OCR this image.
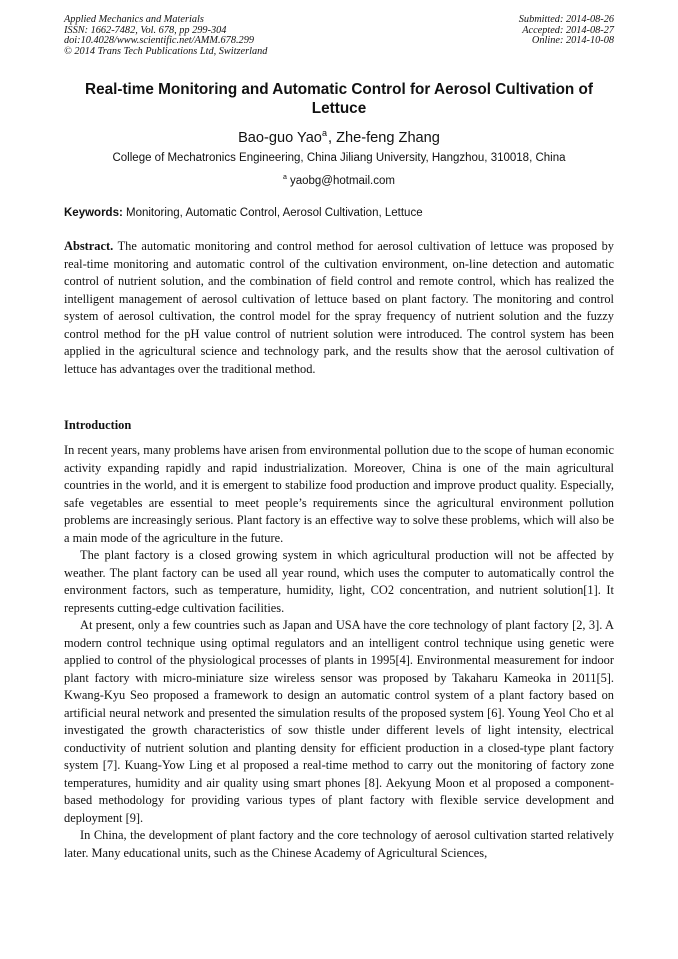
Applied Mechanics and Materials
ISSN: 1662-7482, Vol. 678, pp 299-304
doi:10.4028/www.scientific.net/AMM.678.299
© 2014 Trans Tech Publications Ltd, Switzerland
Submitted: 2014-08-26
Accepted: 2014-08-27
Online: 2014-10-08
Real-time Monitoring and Automatic Control for Aerosol Cultivation of Lettuce
Bao-guo Yao$^a$, Zhe-feng Zhang
College of Mechatronics Engineering, China Jiliang University, Hangzhou, 310018, China
$^a$ yaobg@hotmail.com
Keywords: Monitoring, Automatic Control, Aerosol Cultivation, Lettuce

Abstract. The automatic monitoring and control method for aerosol cultivation of lettuce was proposed by real-time monitoring and automatic control of the cultivation environment, on-line detection and automatic control of nutrient solution, and the combination of field control and remote control, which has realized the intelligent management of aerosol cultivation of lettuce based on plant factory. The monitoring and control system of aerosol cultivation, the control model for the spray frequency of nutrient solution and the fuzzy control method for the pH value control of nutrient solution were introduced. The control system has been applied in the agricultural science and technology park, and the results show that the aerosol cultivation of lettuce has advantages over the traditional method.

Introduction

In recent years, many problems have arisen from environmental pollution due to the scope of human economic activity expanding rapidly and rapid industrialization. Moreover, China is one of the main agricultural countries in the world, and it is emergent to stabilize food production and improve product quality. Especially, safe vegetables are essential to meet people’s requirements since the agricultural environment pollution problems are increasingly serious. Plant factory is an effective way to solve these problems, which will also be a main mode of the agriculture in the future.

The plant factory is a closed growing system in which agricultural production will not be affected by weather. The plant factory can be used all year round, which uses the computer to automatically control the environment factors, such as temperature, humidity, light, CO2 concentration, and nutrient solution[1]. It represents cutting-edge cultivation facilities.

At present, only a few countries such as Japan and USA have the core technology of plant factory [2, 3]. A modern control technique using optimal regulators and an intelligent control technique using genetic were applied to control of the physiological processes of plants in 1995[4]. Environmental measurement for indoor plant factory with micro-miniature size wireless sensor was proposed by Takaharu Kameoka in 2011[5]. Kwang-Kyu Seo proposed a framework to design an automatic control system of a plant factory based on artificial neural network and presented the simulation results of the proposed system [6]. Young Yeol Cho et al investigated the growth characteristics of sow thistle under different levels of light intensity, electrical conductivity of nutrient solution and planting density for efficient production in a closed-type plant factory system [7]. Kuang-Yow Ling et al proposed a real-time method to carry out the monitoring of factory zone temperatures, humidity and air quality using smart phones [8]. Aekyung Moon et al proposed a component-based methodology for providing various types of plant factory with flexible service development and deployment [9].

In China, the development of plant factory and the core technology of aerosol cultivation started relatively later. Many educational units, such as the Chinese Academy of Agricultural Sciences,
